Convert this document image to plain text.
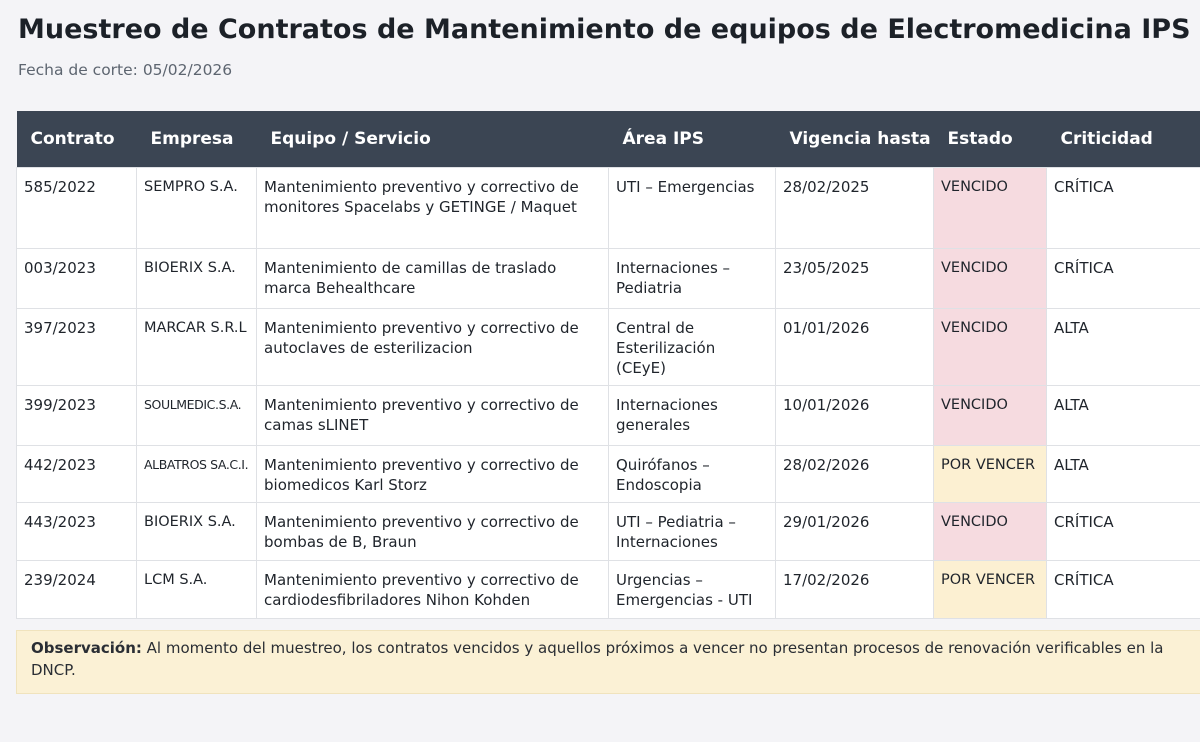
Muestreo de Contratos de Mantenimiento de equipos de Electromedicina IPS
Fecha de corte: 05/02/2026
Contrato	Empresa	Equipo / Servicio	Área IPS	Vigencia hasta	Estado	Criticidad
585/2022	SEMPRO S.A.	Mantenimiento preventivo y correctivo de monitores Spacelabs y GETINGE / Maquet	UTI – Emergencias	28/02/2025	VENCIDO	CRÍTICA
003/2023	BIOERIX S.A.	Mantenimiento de camillas de traslado marca Behealthcare	Internaciones – Pediatria	23/05/2025	VENCIDO	CRÍTICA
397/2023	MARCAR S.R.L	Mantenimiento preventivo y correctivo de autoclaves de esterilizacion	Central de Esterilización (CEyE)	01/01/2026	VENCIDO	ALTA
399/2023	SOULMEDIC.S.A.	Mantenimiento preventivo y correctivo de camas sLINET	Internaciones generales	10/01/2026	VENCIDO	ALTA
442/2023	ALBATROS SA.C.I.	Mantenimiento preventivo y correctivo de biomedicos Karl Storz	Quirófanos – Endoscopia	28/02/2026	POR VENCER	ALTA
443/2023	BIOERIX S.A.	Mantenimiento preventivo y correctivo de bombas de B, Braun	UTI – Pediatria – Internaciones	29/01/2026	VENCIDO	CRÍTICA
239/2024	LCM S.A.	Mantenimiento preventivo y correctivo de cardiodesfibriladores Nihon Kohden	Urgencias – Emergencias - UTI	17/02/2026	POR VENCER	CRÍTICA
Observación: Al momento del muestreo, los contratos vencidos y aquellos próximos a vencer no presentan procesos de renovación verificables en la DNCP.
